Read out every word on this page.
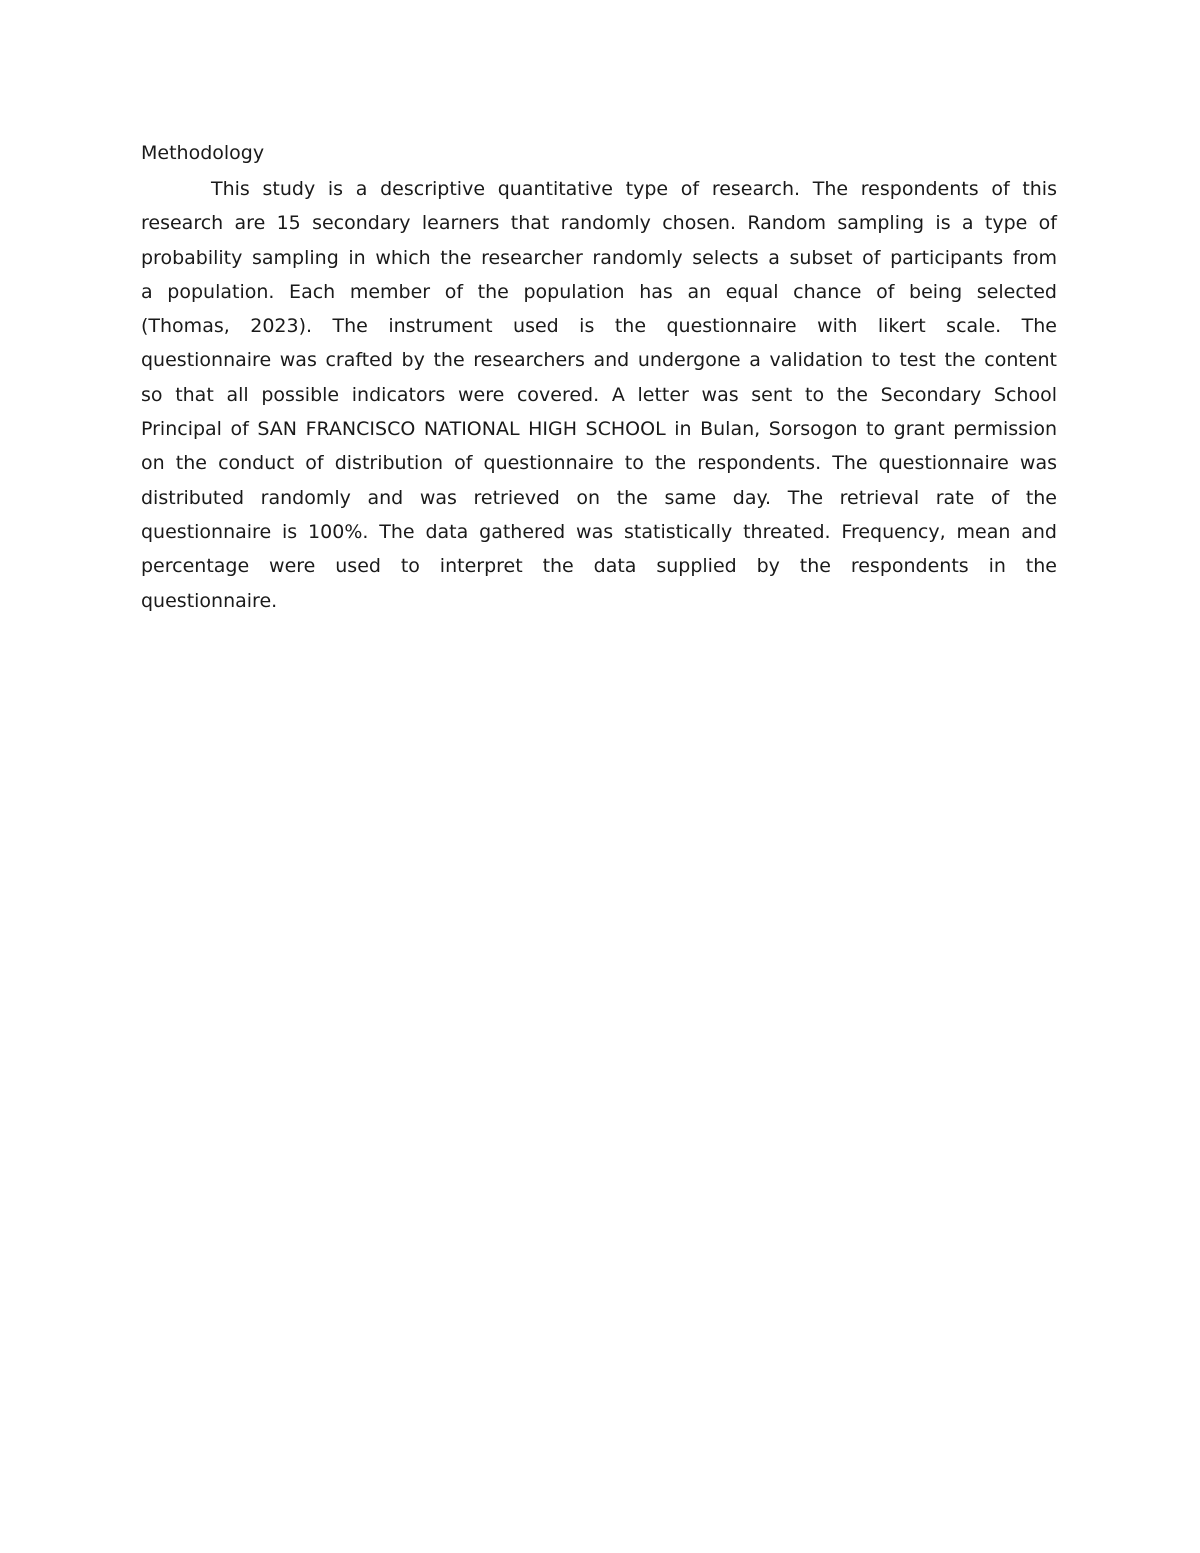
Methodology
This study is a descriptive quantitative type of research. The respondents of this
research are 15 secondary learners that randomly chosen. Random sampling is a type of
probability sampling in which the researcher randomly selects a subset of participants from
a population. Each member of the population has an equal chance of being selected
(Thomas, 2023). The instrument used is the questionnaire with likert scale. The
questionnaire was crafted by the researchers and undergone a validation to test the content
so that all possible indicators were covered. A letter was sent to the Secondary School
Principal of SAN FRANCISCO NATIONAL HIGH SCHOOL in Bulan, Sorsogon to grant permission
on the conduct of distribution of questionnaire to the respondents. The questionnaire was
distributed randomly and was retrieved on the same day. The retrieval rate of the
questionnaire is 100%. The data gathered was statistically threated. Frequency, mean and
percentage were used to interpret the data supplied by the respondents in the
questionnaire.
